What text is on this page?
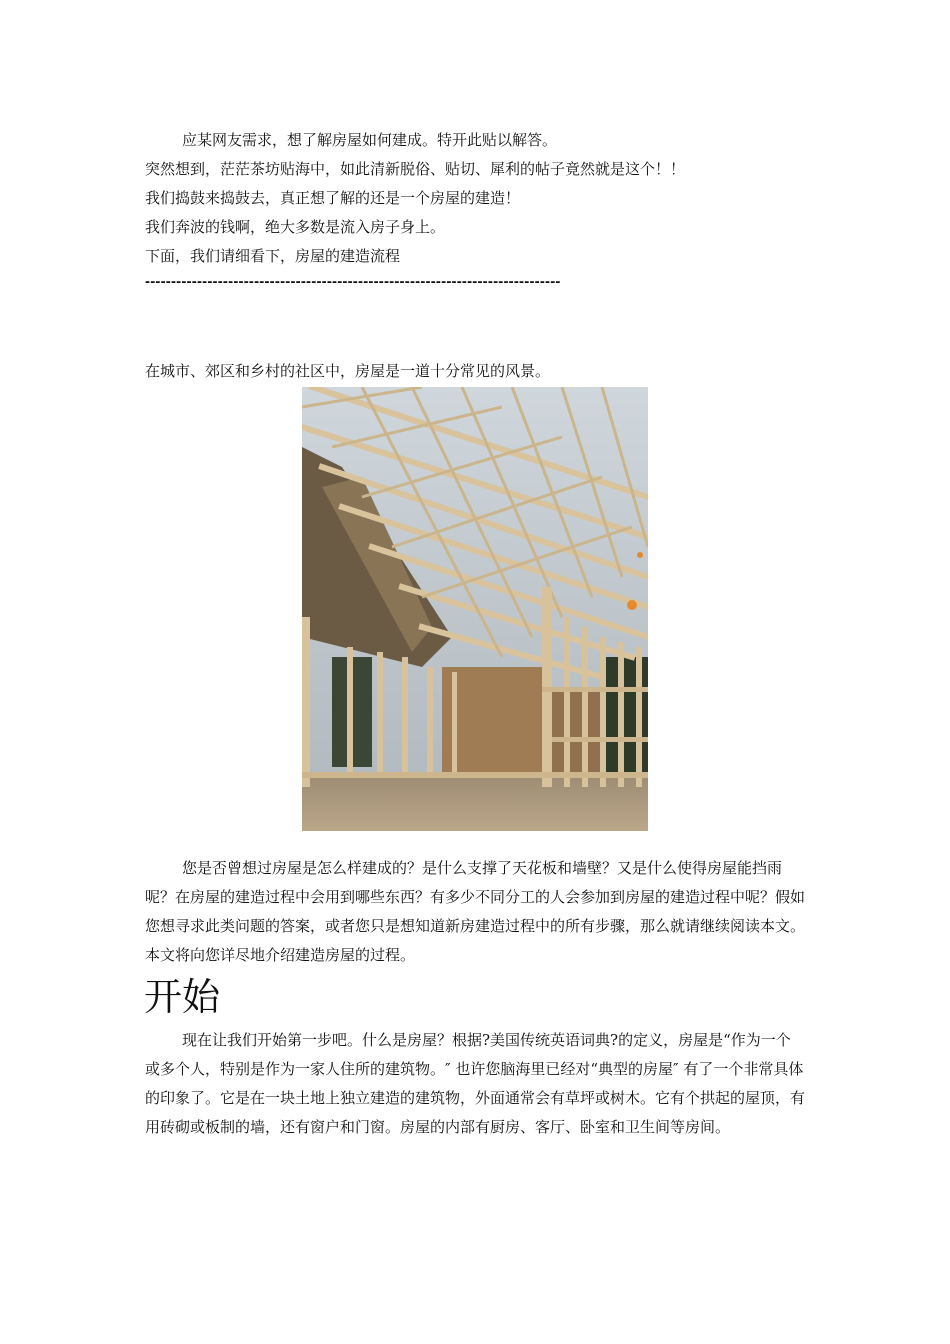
应某网友需求，想了解房屋如何建成。特开此贴以解答。
突然想到，茫茫茶坊贴海中，如此清新脱俗、贴切、犀利的帖子竟然就是这个！！
我们捣鼓来捣鼓去，真正想了解的还是一个房屋的建造！
我们奔波的钱啊，绝大多数是流入房子身上。
下面，我们请细看下，房屋的建造流程
--------------------------------------------------------------------------------
在城市、郊区和乡村的社区中，房屋是一道十分常见的风景。

您是否曾想过房屋是怎么样建成的？是什么支撑了天花板和墙壁？又是什么使得房屋能挡雨呢？在房屋的建造过程中会用到哪些东西？有多少不同分工的人会参加到房屋的建造过程中呢？假如您想寻求此类问题的答案，或者您只是想知道新房建造过程中的所有步骤，那么就请继续阅读本文。本文将向您详尽地介绍建造房屋的过程。

开始

现在让我们开始第一步吧。什么是房屋？根据?美国传统英语词典?的定义，房屋是“作为一个或多个人，特别是作为一家人住所的建筑物。″ 也许您脑海里已经对“典型的房屋″ 有了一个非常具体的印象了。它是在一块土地上独立建造的建筑物，外面通常会有草坪或树木。它有个拱起的屋顶，有用砖砌或板制的墙，还有窗户和门窗。房屋的内部有厨房、客厅、卧室和卫生间等房间。
